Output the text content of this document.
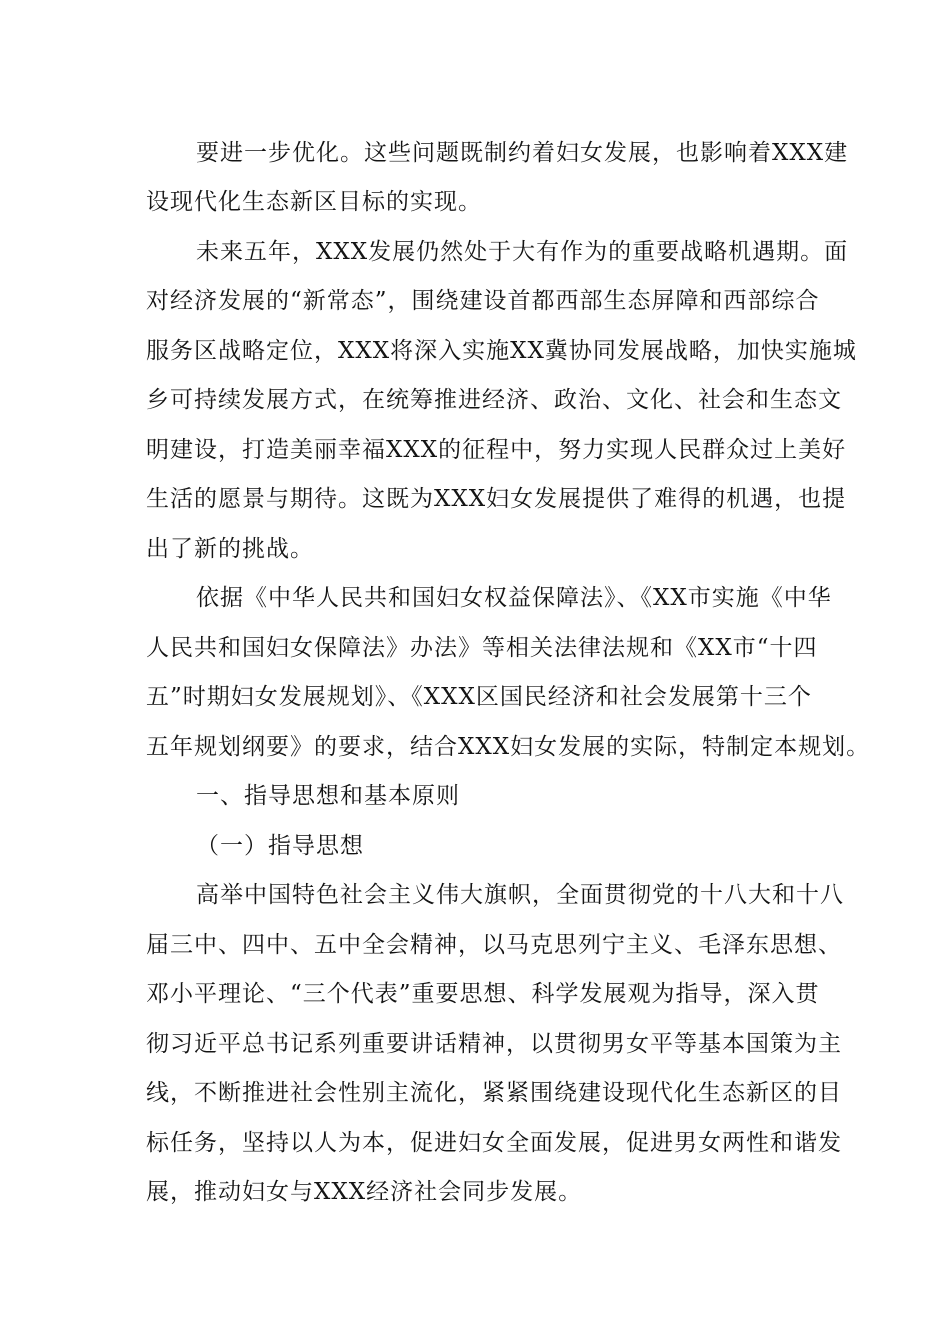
要进一步优化。这些问题既制约着妇女发展，也影响着XXX建
设现代化生态新区目标的实现。
未来五年，XXX发展仍然处于大有作为的重要战略机遇期。面
对经济发展的“新常态”，围绕建设首都西部生态屏障和西部综合
服务区战略定位，XXX将深入实施XX冀协同发展战略，加快实施城
乡可持续发展方式，在统筹推进经济、政治、文化、社会和生态文
明建设，打造美丽幸福XXX的征程中，努力实现人民群众过上美好
生活的愿景与期待。这既为XXX妇女发展提供了难得的机遇，也提
出了新的挑战。
依据《中华人民共和国妇女权益保障法》、《XX市实施《中华
人民共和国妇女保障法》办法》等相关法律法规和《XX市“十四
五”时期妇女发展规划》、《XXX区国民经济和社会发展第十三个
五年规划纲要》的要求，结合XXX妇女发展的实际，特制定本规划。
一、指导思想和基本原则
（一）指导思想
高举中国特色社会主义伟大旗帜，全面贯彻党的十八大和十八
届三中、四中、五中全会精神，以马克思列宁主义、毛泽东思想、
邓小平理论、“三个代表”重要思想、科学发展观为指导，深入贯
彻习近平总书记系列重要讲话精神，以贯彻男女平等基本国策为主
线，不断推进社会性别主流化，紧紧围绕建设现代化生态新区的目
标任务，坚持以人为本，促进妇女全面发展，促进男女两性和谐发
展，推动妇女与XXX经济社会同步发展。
